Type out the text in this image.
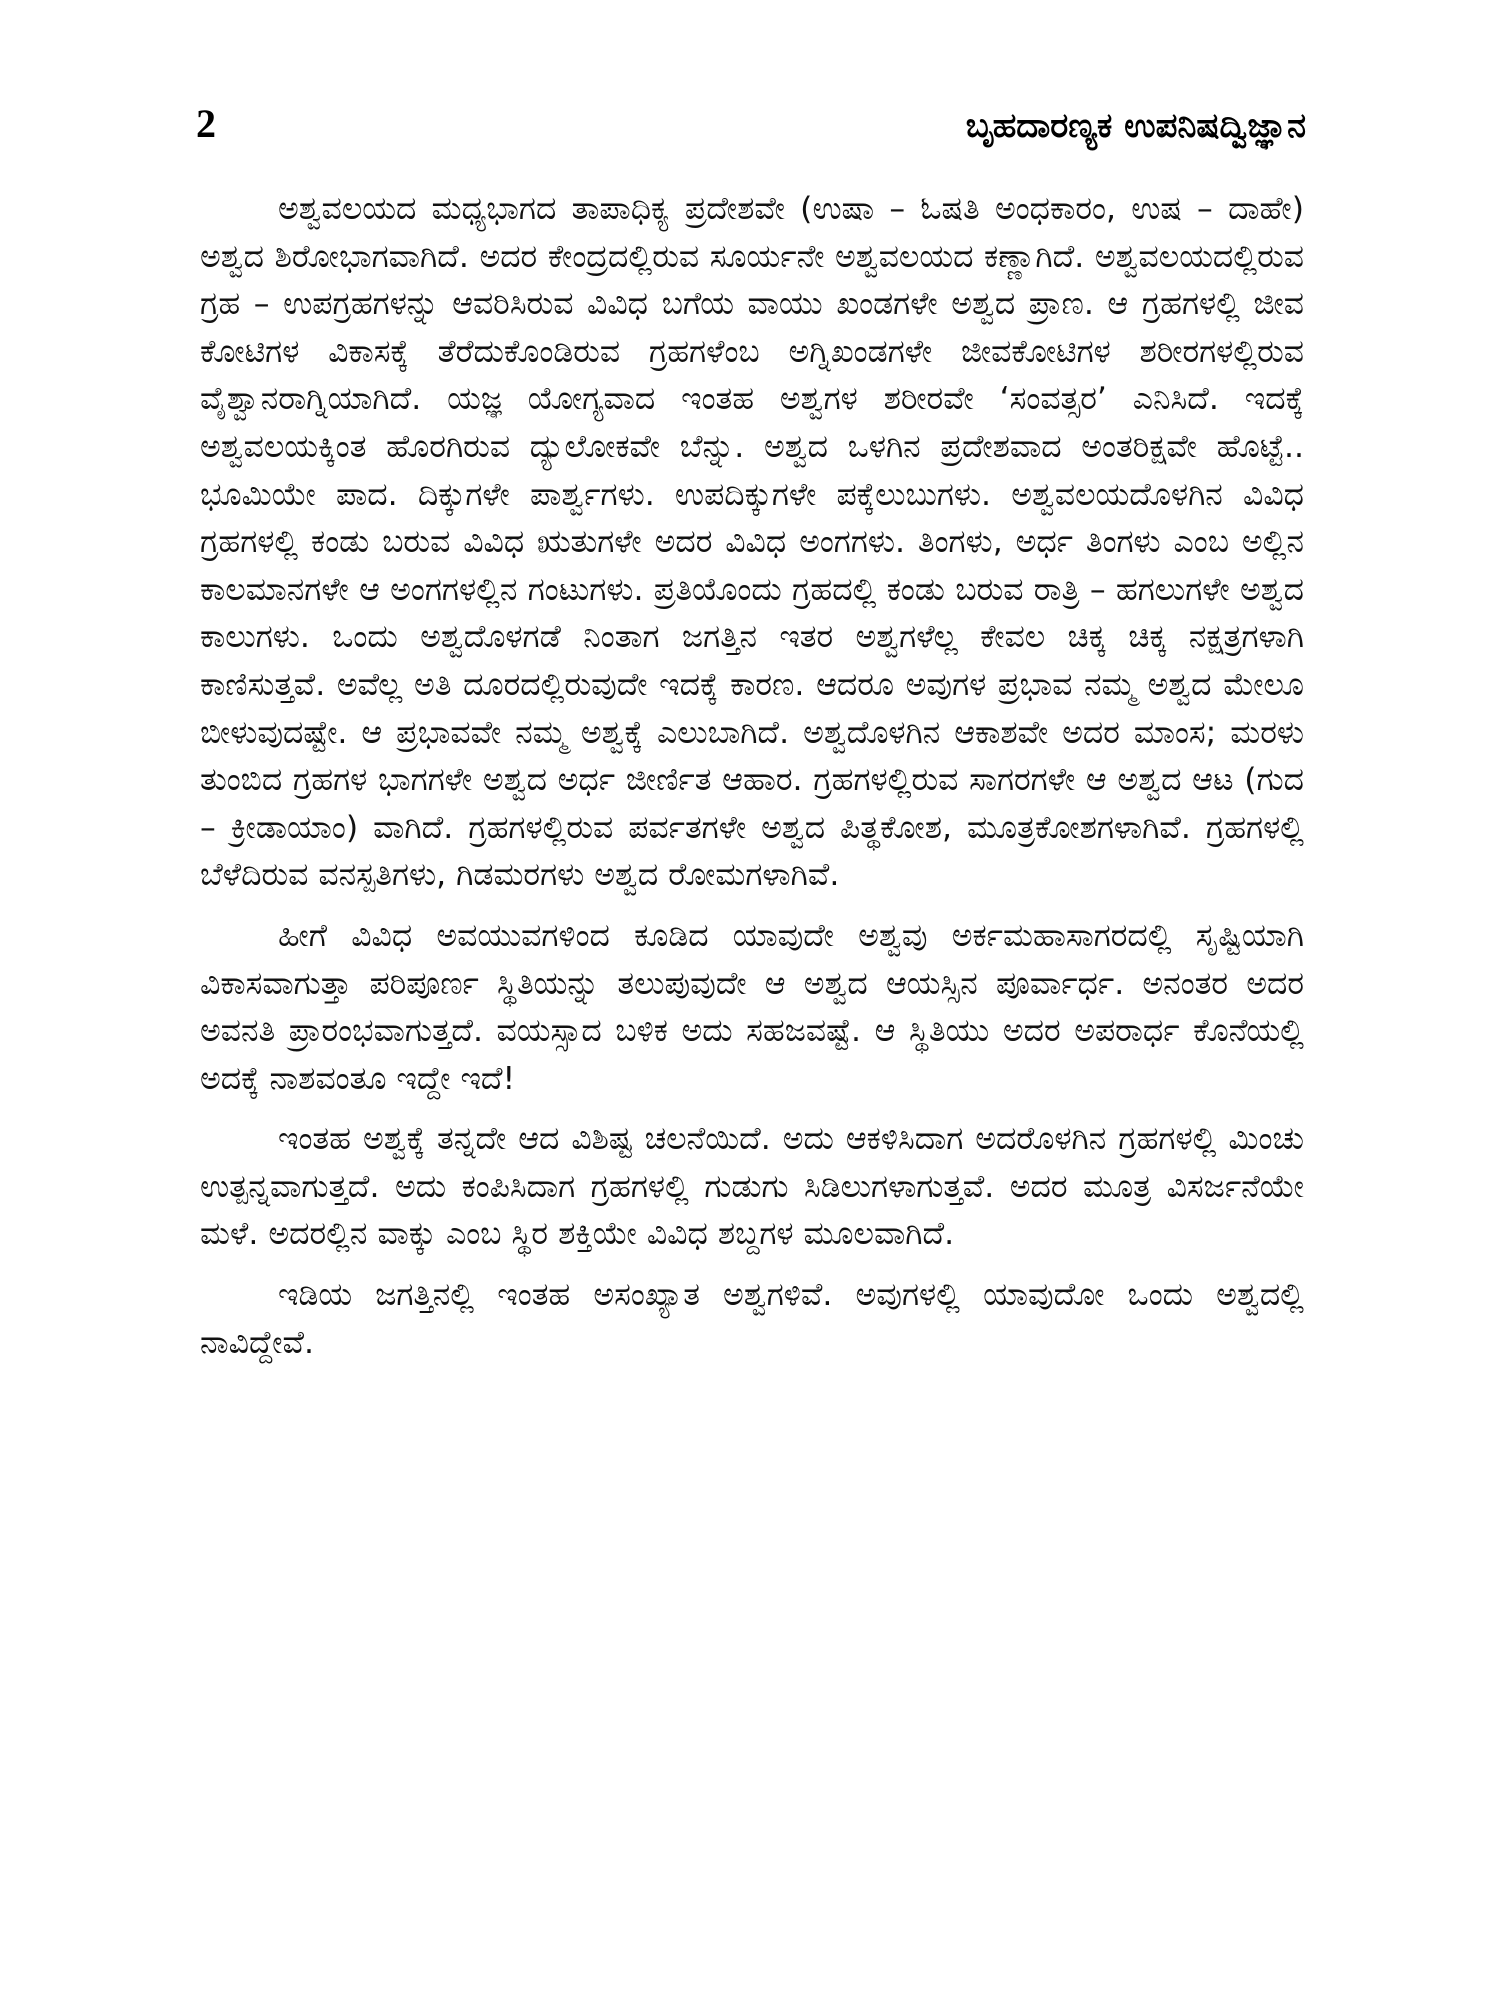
2	ಬೃಹದಾರಣ್ಯಕ ಉಪನಿಷದ್ವಿಜ್ಞಾನ

ಅಶ್ವವಲಯದ ಮಧ್ಯಭಾಗದ ತಾಪಾಧಿಕ್ಯ ಪ್ರದೇಶವೇ (ಉಷಾ – ಓಷತಿ ಅಂಧಕಾರಂ, ಉಷ – ದಾಹೇ) ಅಶ್ವದ ಶಿರೋಭಾಗವಾಗಿದೆ. ಅದರ ಕೇಂದ್ರದಲ್ಲಿರುವ ಸೂರ್ಯನೇ ಅಶ್ವವಲಯದ ಕಣ್ಣಾಗಿದೆ. ಅಶ್ವವಲಯದಲ್ಲಿರುವ ಗ್ರಹ – ಉಪಗ್ರಹಗಳನ್ನು ಆವರಿಸಿರುವ ವಿವಿಧ ಬಗೆಯ ವಾಯು ಖಂಡಗಳೇ ಅಶ್ವದ ಪ್ರಾಣ. ಆ ಗ್ರಹಗಳಲ್ಲಿ ಜೀವ ಕೋಟಿಗಳ ವಿಕಾಸಕ್ಕೆ ತೆರೆದುಕೊಂಡಿರುವ ಗ್ರಹಗಳೆಂಬ ಅಗ್ನಿಖಂಡಗಳೇ ಜೀವಕೋಟಿಗಳ ಶರೀರಗಳಲ್ಲಿರುವ ವೈಶ್ವಾನರಾಗ್ನಿಯಾಗಿದೆ. ಯಜ್ಞ ಯೋಗ್ಯವಾದ ಇಂತಹ ಅಶ್ವಗಳ ಶರೀರವೇ ‘ಸಂವತ್ಸರ’ ಎನಿಸಿದೆ. ಇದಕ್ಕೆ ಅಶ್ವವಲಯಕ್ಕಿಂತ ಹೊರಗಿರುವ ದ್ಯುಲೋಕವೇ ಬೆನ್ನು. ಅಶ್ವದ ಒಳಗಿನ ಪ್ರದೇಶವಾದ ಅಂತರಿಕ್ಷವೇ ಹೊಟ್ಟೆ.. ಭೂಮಿಯೇ ಪಾದ. ದಿಕ್ಕುಗಳೇ ಪಾರ್ಶ್ವಗಳು. ಉಪದಿಕ್ಕುಗಳೇ ಪಕ್ಕೆಲುಬುಗಳು. ಅಶ್ವವಲಯದೊಳಗಿನ ವಿವಿಧ ಗ್ರಹಗಳಲ್ಲಿ ಕಂಡು ಬರುವ ವಿವಿಧ ಋತುಗಳೇ ಅದರ ವಿವಿಧ ಅಂಗಗಳು. ತಿಂಗಳು, ಅರ್ಧ ತಿಂಗಳು ಎಂಬ ಅಲ್ಲಿನ ಕಾಲಮಾನಗಳೇ ಆ ಅಂಗಗಳಲ್ಲಿನ ಗಂಟುಗಳು. ಪ್ರತಿಯೊಂದು ಗ್ರಹದಲ್ಲಿ ಕಂಡು ಬರುವ ರಾತ್ರಿ – ಹಗಲುಗಳೇ ಅಶ್ವದ ಕಾಲುಗಳು. ಒಂದು ಅಶ್ವದೊಳಗಡೆ ನಿಂತಾಗ ಜಗತ್ತಿನ ಇತರ ಅಶ್ವಗಳೆಲ್ಲ ಕೇವಲ ಚಿಕ್ಕ ಚಿಕ್ಕ ನಕ್ಷತ್ರಗಳಾಗಿ ಕಾಣಿಸುತ್ತವೆ. ಅವೆಲ್ಲ ಅತಿ ದೂರದಲ್ಲಿರುವುದೇ ಇದಕ್ಕೆ ಕಾರಣ. ಆದರೂ ಅವುಗಳ ಪ್ರಭಾವ ನಮ್ಮ ಅಶ್ವದ ಮೇಲೂ ಬೀಳುವುದಷ್ಟೇ. ಆ ಪ್ರಭಾವವೇ ನಮ್ಮ ಅಶ್ವಕ್ಕೆ ಎಲುಬಾಗಿದೆ. ಅಶ್ವದೊಳಗಿನ ಆಕಾಶವೇ ಅದರ ಮಾಂಸ; ಮರಳು ತುಂಬಿದ ಗ್ರಹಗಳ ಭಾಗಗಳೇ ಅಶ್ವದ ಅರ್ಧ ಜೀರ್ಣಿತ ಆಹಾರ. ಗ್ರಹಗಳಲ್ಲಿರುವ ಸಾಗರಗಳೇ ಆ ಅಶ್ವದ ಆಟ (ಗುದ – ಕ್ರೀಡಾಯಾಂ) ವಾಗಿದೆ. ಗ್ರಹಗಳಲ್ಲಿರುವ ಪರ್ವತಗಳೇ ಅಶ್ವದ ಪಿತ್ಥಕೋಶ, ಮೂತ್ರಕೋಶಗಳಾಗಿವೆ. ಗ್ರಹಗಳಲ್ಲಿ ಬೆಳೆದಿರುವ ವನಸ್ಪತಿಗಳು, ಗಿಡಮರಗಳು ಅಶ್ವದ ರೋಮಗಳಾಗಿವೆ.

ಹೀಗೆ ವಿವಿಧ ಅವಯುವಗಳಿಂದ ಕೂಡಿದ ಯಾವುದೇ ಅಶ್ವವು ಅರ್ಕಮಹಾಸಾಗರದಲ್ಲಿ ಸೃಷ್ಟಿಯಾಗಿ ವಿಕಾಸವಾಗುತ್ತಾ ಪರಿಪೂರ್ಣ ಸ್ಥಿತಿಯನ್ನು ತಲುಪುವುದೇ ಆ ಅಶ್ವದ ಆಯಸ್ಸಿನ ಪೂರ್ವಾರ್ಧ. ಅನಂತರ ಅದರ ಅವನತಿ ಪ್ರಾರಂಭವಾಗುತ್ತದೆ. ವಯಸ್ಸಾದ ಬಳಿಕ ಅದು ಸಹಜವಷ್ಟೆ. ಆ ಸ್ಥಿತಿಯು ಅದರ ಅಪರಾರ್ಧ ಕೊನೆಯಲ್ಲಿ ಅದಕ್ಕೆ ನಾಶವಂತೂ ಇದ್ದೇ ಇದೆ!

ಇಂತಹ ಅಶ್ವಕ್ಕೆ ತನ್ನದೇ ಆದ ವಿಶಿಷ್ಟ ಚಲನೆಯಿದೆ. ಅದು ಆಕಳಿಸಿದಾಗ ಅದರೊಳಗಿನ ಗ್ರಹಗಳಲ್ಲಿ ಮಿಂಚು ಉತ್ಪನ್ನವಾಗುತ್ತದೆ. ಅದು ಕಂಪಿಸಿದಾಗ ಗ್ರಹಗಳಲ್ಲಿ ಗುಡುಗು ಸಿಡಿಲುಗಳಾಗುತ್ತವೆ. ಅದರ ಮೂತ್ರ ವಿಸರ್ಜನೆಯೇ ಮಳೆ. ಅದರಲ್ಲಿನ ವಾಕ್ಕು ಎಂಬ ಸ್ಥಿರ ಶಕ್ತಿಯೇ ವಿವಿಧ ಶಬ್ದಗಳ ಮೂಲವಾಗಿದೆ.

ಇಡಿಯ ಜಗತ್ತಿನಲ್ಲಿ ಇಂತಹ ಅಸಂಖ್ಯಾತ ಅಶ್ವಗಳಿವೆ. ಅವುಗಳಲ್ಲಿ ಯಾವುದೋ ಒಂದು ಅಶ್ವದಲ್ಲಿ ನಾವಿದ್ದೇವೆ.
